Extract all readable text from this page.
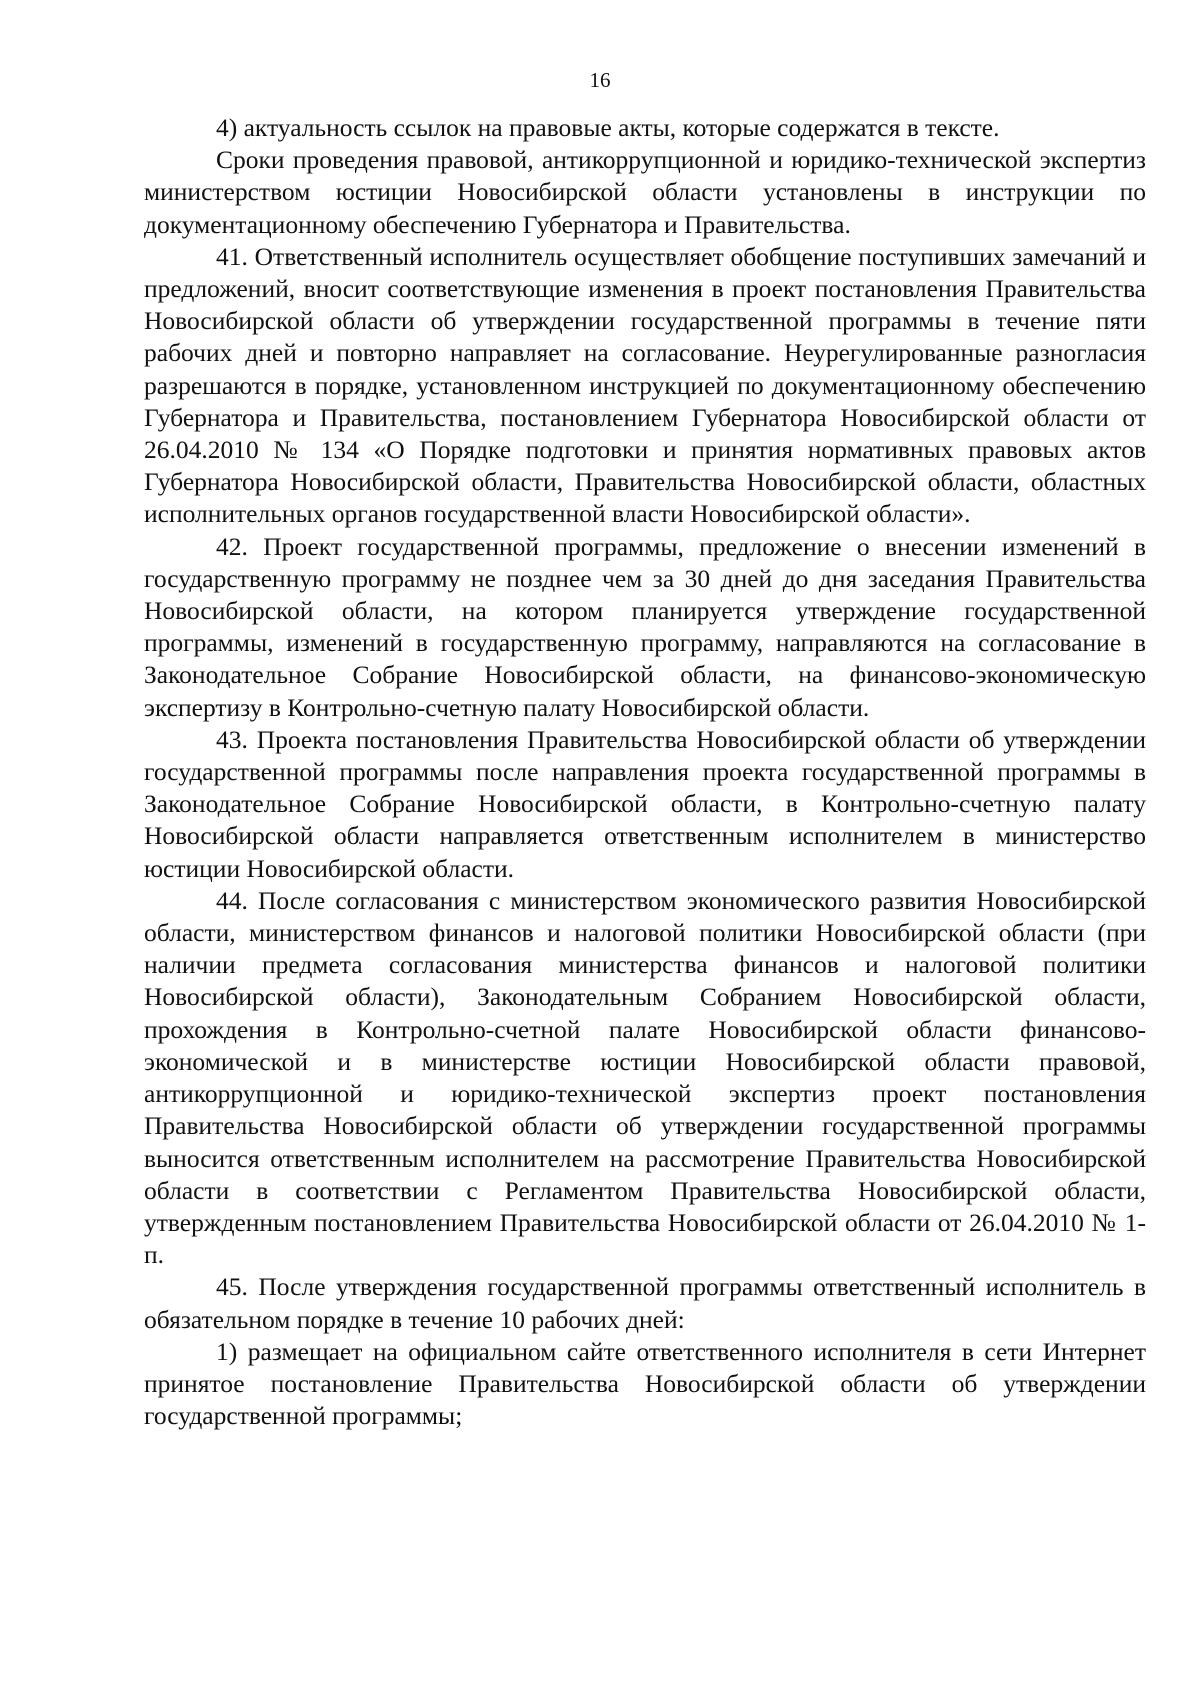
16

4) актуальность ссылок на правовые акты, которые содержатся в тексте.

Сроки проведения правовой, антикоррупционной и юридико-технической экспертиз министерством юстиции Новосибирской области установлены в инструкции по документационному обеспечению Губернатора и Правительства.

41. Ответственный исполнитель осуществляет обобщение поступивших замечаний и предложений, вносит соответствующие изменения в проект постановления Правительства Новосибирской области об утверждении государственной программы в течение пяти рабочих дней и повторно направляет на согласование. Неурегулированные разногласия разрешаются в порядке, установленном инструкцией по документационному обеспечению Губернатора и Правительства, постановлением Губернатора Новосибирской области от 26.04.2010 № 134 «О Порядке подготовки и принятия нормативных правовых актов Губернатора Новосибирской области, Правительства Новосибирской области, областных исполнительных органов государственной власти Новосибирской области».

42. Проект государственной программы, предложение о внесении изменений в государственную программу не позднее чем за 30 дней до дня заседания Правительства Новосибирской области, на котором планируется утверждение государственной программы, изменений в государственную программу, направляются на согласование в Законодательное Собрание Новосибирской области, на финансово-экономическую экспертизу в Контрольно-счетную палату Новосибирской области.

43. Проекта постановления Правительства Новосибирской области об утверждении государственной программы после направления проекта государственной программы в Законодательное Собрание Новосибирской области, в Контрольно-счетную палату Новосибирской области направляется ответственным исполнителем в министерство юстиции Новосибирской области.

44. После согласования с министерством экономического развития Новосибирской области, министерством финансов и налоговой политики Новосибирской области (при наличии предмета согласования министерства финансов и налоговой политики Новосибирской области), Законодательным Собранием Новосибирской области, прохождения в Контрольно-счетной палате Новосибирской области финансово-экономической и в министерстве юстиции Новосибирской области правовой, антикоррупционной и юридико-технической экспертиз проект постановления Правительства Новосибирской области об утверждении государственной программы выносится ответственным исполнителем на рассмотрение Правительства Новосибирской области в соответствии с Регламентом Правительства Новосибирской области, утвержденным постановлением Правительства Новосибирской области от 26.04.2010 № 1-п.

45. После утверждения государственной программы ответственный исполнитель в обязательном порядке в течение 10 рабочих дней:

1) размещает на официальном сайте ответственного исполнителя в сети Интернет принятое постановление Правительства Новосибирской области об утверждении государственной программы;
